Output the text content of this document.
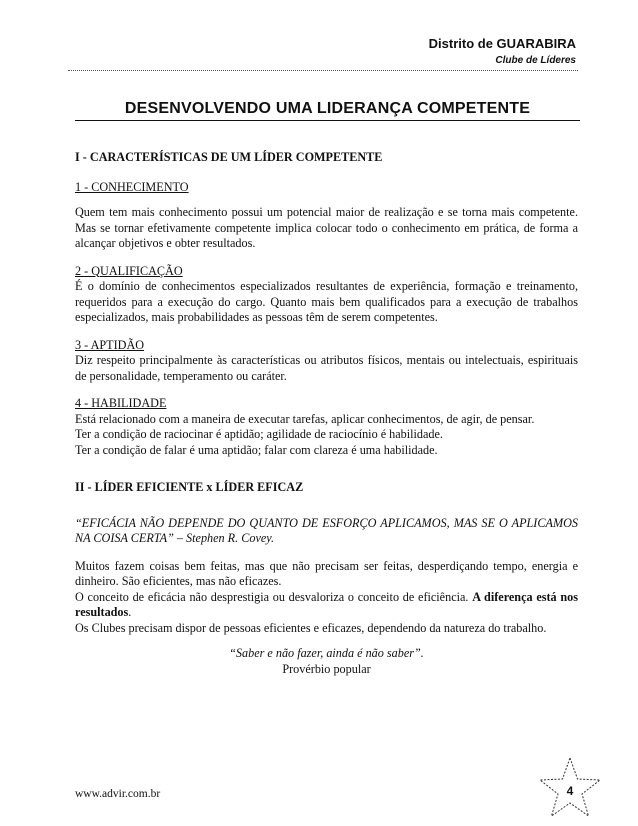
Distrito de GUARABIRA
Clube de Líderes
DESENVOLVENDO UMA LIDERANÇA COMPETENTE

I - CARACTERÍSTICAS DE UM LÍDER COMPETENTE

1 - CONHECIMENTO

Quem tem mais conhecimento possui um potencial maior de realização e se torna mais competente. Mas se tornar efetivamente competente implica colocar todo o conhecimento em prática, de forma a alcançar objetivos e obter resultados.

2 - QUALIFICAÇÃO

É o domínio de conhecimentos especializados resultantes de experiência, formação e treinamento, requeridos para a execução do cargo. Quanto mais bem qualificados para a execução de trabalhos especializados, mais probabilidades as pessoas têm de serem competentes.

3 - APTIDÃO

Diz respeito principalmente às características ou atributos físicos, mentais ou intelectuais, espirituais de personalidade, temperamento ou caráter.

4 - HABILIDADE

Está relacionado com a maneira de executar tarefas, aplicar conhecimentos, de agir, de pensar.

Ter a condição de raciocinar é aptidão; agilidade de raciocínio é habilidade.

Ter a condição de falar é uma aptidão; falar com clareza é uma habilidade.

II - LÍDER EFICIENTE x LÍDER EFICAZ

“EFICÁCIA NÃO DEPENDE DO QUANTO DE ESFORÇO APLICAMOS, MAS SE O APLICAMOS NA COISA CERTA” – Stephen R. Covey.

Muitos fazem coisas bem feitas, mas que não precisam ser feitas, desperdiçando tempo, energia e dinheiro. São eficientes, mas não eficazes.

O conceito de eficácia não desprestigia ou desvaloriza o conceito de eficiência. A diferença está nos resultados.

Os Clubes precisam dispor de pessoas eficientes e eficazes, dependendo da natureza do trabalho.

“Saber e não fazer, ainda é não saber”.

Provérbio popular

www.advir.com.br	4
